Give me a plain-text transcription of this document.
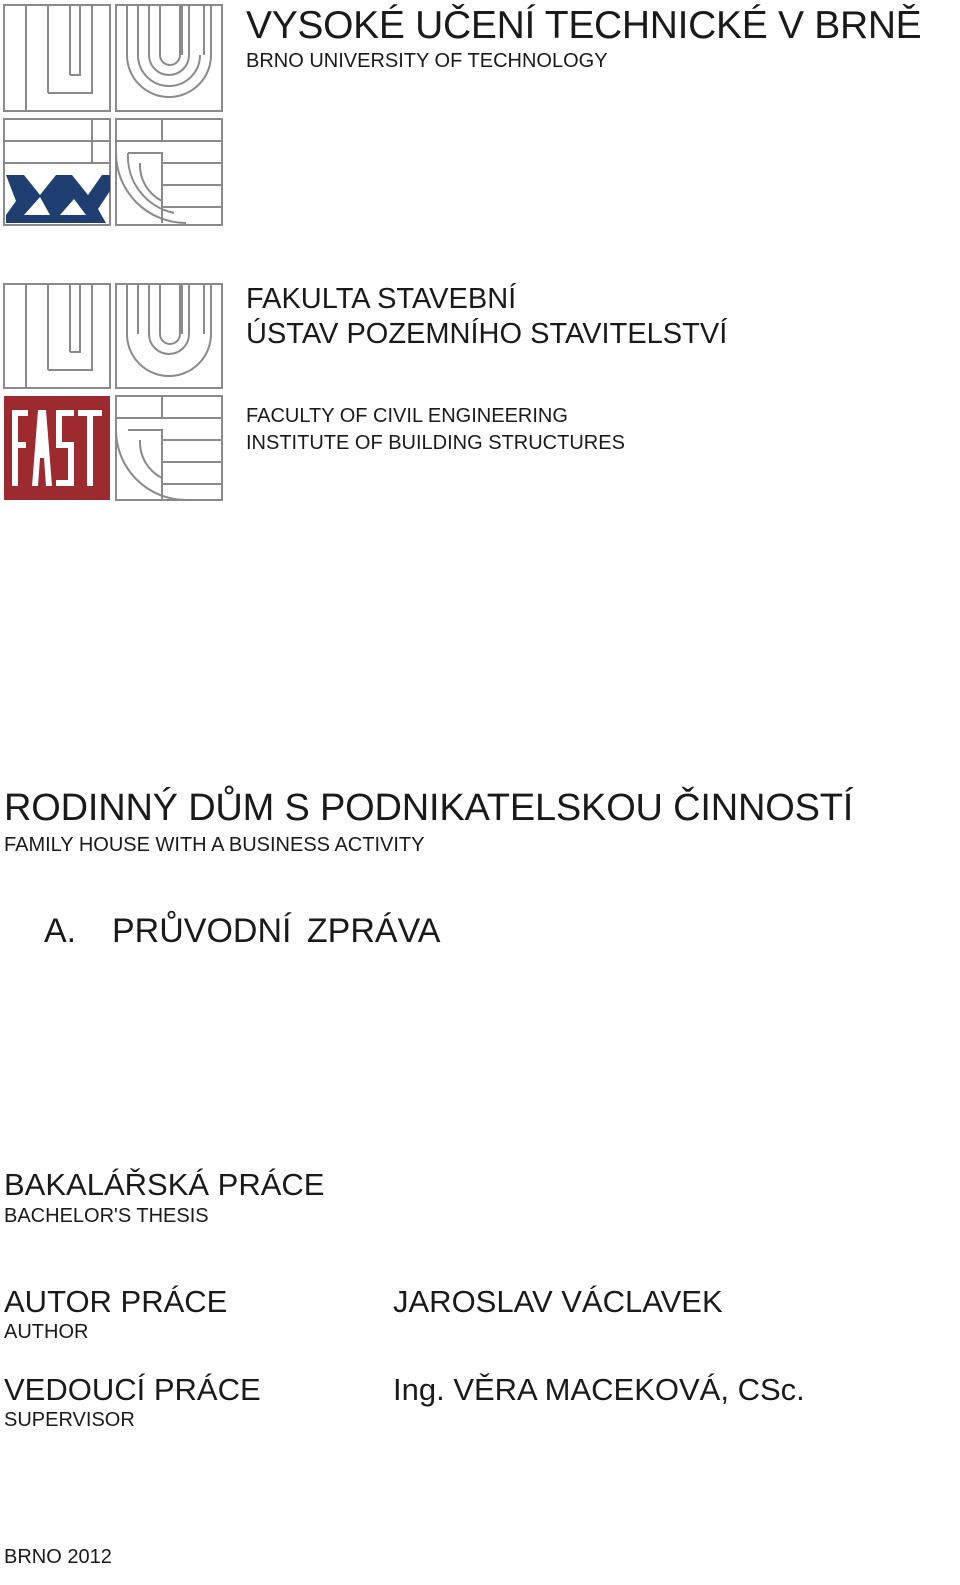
VYSOKÉ UČENÍ TECHNICKÉ V BRNĚ
BRNO UNIVERSITY OF TECHNOLOGY
FAKULTA STAVEBNÍ
ÚSTAV POZEMNÍHO STAVITELSTVÍ
FACULTY OF CIVIL ENGINEERING
INSTITUTE OF BUILDING STRUCTURES
RODINNÝ DŮM S PODNIKATELSKOU ČINNOSTÍ
FAMILY HOUSE WITH A BUSINESS ACTIVITY
A. PRŮVODNÍ ZPRÁVA
BAKALÁŘSKÁ PRÁCE
BACHELOR'S THESIS
AUTOR PRÁCE
AUTHOR
JAROSLAV VÁCLAVEK
VEDOUCÍ PRÁCE
SUPERVISOR
Ing. VĚRA MACEKOVÁ, CSc.
BRNO 2012
